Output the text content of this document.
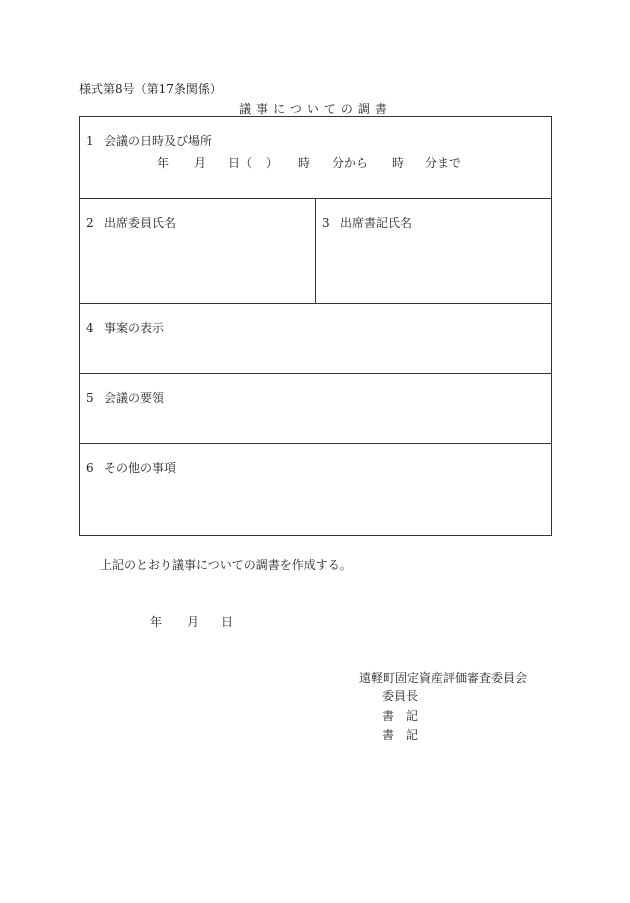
様式第8号（第17条関係）
議事についての調書
1 会議の日時及び場所
年 月 日（ ） 時 分から 時 分まで
2 出席委員氏名	3 出席書記氏名
4 事案の表示
5 会議の要領
6 その他の事項
上記のとおり議事についての調書を作成する。
年 月 日
遠軽町固定資産評価審査委員会
委員長
書　記
書　記
